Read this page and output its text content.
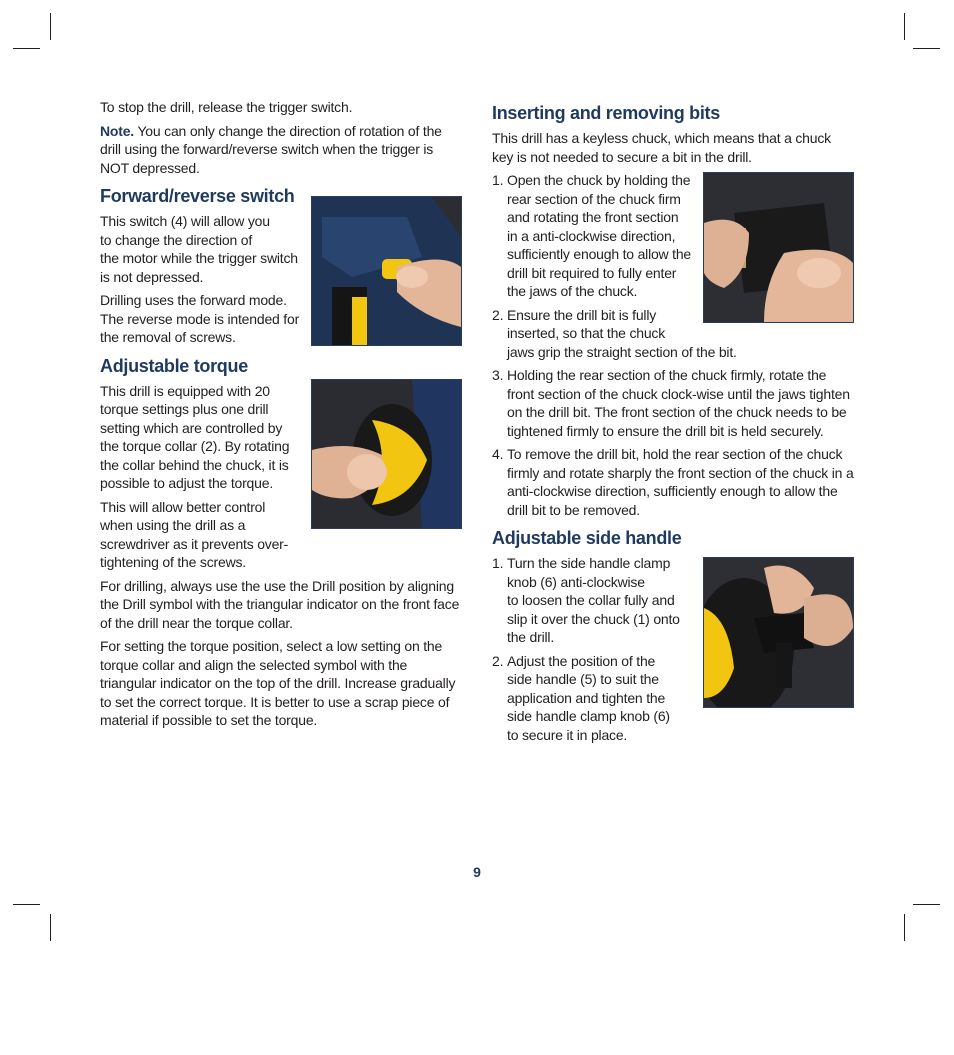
To stop the drill, release the trigger switch.

Note. You can only change the direction of rotation of the drill using the forward/reverse switch when the trigger is NOT depressed.

Forward/reverse switch

This switch (4) will allow you
to change the direction of
the motor while the trigger switch
is not depressed.

Drilling uses the forward mode.
The reverse mode is intended for
the removal of screws.

Adjustable torque

This drill is equipped with 20
torque settings plus one drill
setting which are controlled by
the torque collar (2). By rotating
the collar behind the chuck, it is
possible to adjust the torque.

This will allow better control
when using the drill as a
screwdriver as it prevents over-
tightening of the screws.

For drilling, always use the use the Drill position by aligning the Drill symbol with the triangular indicator on the front face of the drill near the torque collar.

For setting the torque position, select a low setting on the torque collar and align the selected symbol with the triangular indicator on the top of the drill. Increase gradually to set the correct torque. It is better to use a scrap piece of material if possible to set the torque.

Inserting and removing bits

This drill has a keyless chuck, which means that a chuck key is not needed to secure a bit in the drill.

1. Open the chuck by holding the
rear section of the chuck firm
and rotating the front section
in a anti-clockwise direction,
sufficiently enough to allow the
drill bit required to fully enter
the jaws of the chuck.
2. Ensure the drill bit is fully
inserted, so that the chuck
jaws grip the straight section of the bit.
3. Holding the rear section of the chuck firmly, rotate the front section of the chuck clock-wise until the jaws tighten on the drill bit. The front section of the chuck needs to be tightened firmly to ensure the drill bit is held securely.
4. To remove the drill bit, hold the rear section of the chuck firmly and rotate sharply the front section of the chuck in a anti-clockwise direction, sufficiently enough to allow the drill bit to be removed.
Adjustable side handle
1. Turn the side handle clamp
knob (6) anti-clockwise
to loosen the collar fully and
slip it over the chuck (1) onto
the drill.
2. Adjust the position of the
side handle (5) to suit the
application and tighten the
side handle clamp knob (6)
to secure it in place.
9
